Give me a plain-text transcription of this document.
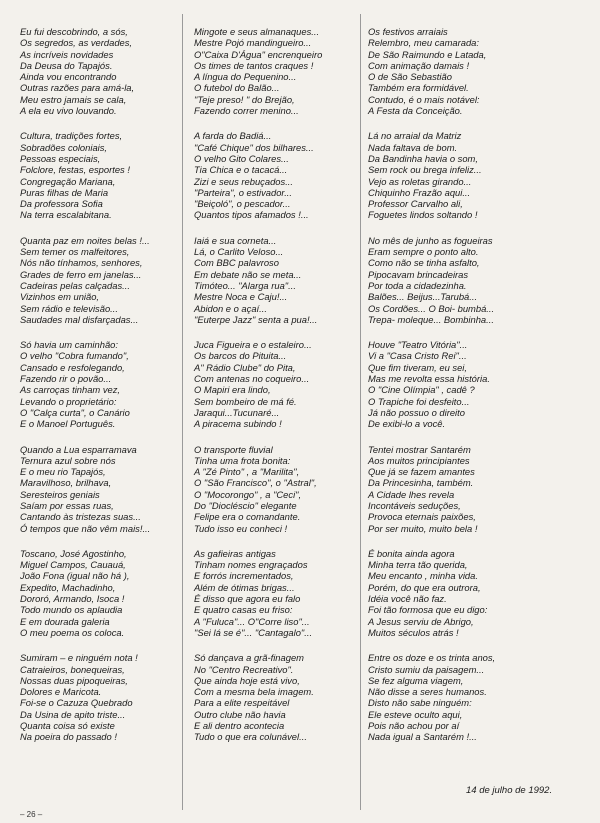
Eu fui descobrindo, a sós,
Os segredos, as verdades,
As incríveis novidades
Da Deusa do Tapajós.
Ainda vou encontrando
Outras razões para amá-la,
Meu estro jamais se cala,
A ela eu vivo louvando.
Cultura, tradições fortes,
Sobradões coloniais,
Pessoas especiais,
Folclore, festas, esportes !
Congregação Mariana,
Puras filhas de Maria
Da professora Sofia
Na terra escalabitana.
Quanta paz em noites belas !...
Sem temer os malfeitores,
Nós não tínhamos, senhores,
Grades de ferro em janelas...
Cadeiras pelas calçadas...
Vizinhos em união,
Sem rádio e televisão...
Saudades mal disfarçadas...
Só havia um caminhão:
O velho "Cobra fumando",
Cansado e resfolegando,
Fazendo rir o povão...
As carroças tinham vez,
Levando o proprietário:
O "Calça curta", o Canário
E o Manoel Português.
Quando a Lua esparramava
Ternura azul sobre nós
E o meu rio Tapajós,
Maravilhoso, brilhava,
Seresteiros geniais
Saíam por essas ruas,
Cantando às tristezas suas...
Ó tempos que não vêm mais!...
Toscano, José Agostinho,
Miguel Campos, Cauauá,
João Fona (igual não há ),
Expedito, Machadinho,
Dororó, Armando, Isoca !
Todo mundo os aplaudia
E em dourada galeria
O meu poema os coloca.
Sumiram – e ninguém nota !
Catraieiros, bonequeiras,
Nossas duas pipoqueiras,
Dolores e Maricota.
Foi-se o Cazuza Quebrado
Da Usina de apito triste...
Quanta coisa só existe
Na poeira do passado !
Mingote e seus almanaques...
Mestre Pojó mandingueiro...
O"Caixa D'Água" encrenqueiro
Os times de tantos craques !
A língua do Pequenino...
O futebol do Balão...
"Teje preso! " do Brejão,
Fazendo correr menino...
A farda do Badiá...
"Café Chique" dos bilhares...
O velho Gito Colares...
Tia Chica e o tacacá...
Zizi e seus rebuçados...
"Parteira", o estivador...
"Beiçoló", o pescador...
Quantos tipos afamados !...
Iaiá e sua corneta...
Lá, o Carlito Veloso...
Com BBC palavroso
Em debate não se meta...
Timóteo... "Alarga rua"...
Mestre Noca e Caju!...
Abidon e o açaí...
"Euterpe Jazz" senta a pua!...
Juca Figueira e o estaleiro...
Os barcos do Pituita...
A" Rádio Clube" do Pita,
Com antenas no coqueiro...
O Mapiri era lindo,
Sem bombeiro de má fé.
Jaraqui...Tucunaré...
A piracema subindo !
O transporte fluvial
Tinha uma frota bonita:
A "Zé Pinto" , a "Marilita",
O "São Francisco", o "Astral",
O "Mocorongo" , a "Ceci",
Do "Diocléscio" elegante
Felipe era o comandante.
Tudo isso eu conheci !
As gafieiras antigas
Tinham nomes engraçados
E forrós incrementados,
Além de ótimas brigas...
É disso que agora eu falo
E quatro casas eu friso:
A "Fuluca"... O"Corre liso"...
"Sei lá se é"... "Cantagalo"...
Só dançava a grã-finagem
No "Centro Recreativo".
Que ainda hoje está vivo,
Com a mesma bela imagem.
Para a elite respeitável
Outro clube não havia
E ali dentro acontecia
Tudo o que era colunável...
Os festivos arraiais
Relembro, meu camarada:
De São Raimundo e Latada,
Com animação damais !
O de São Sebastião
Também era formidável.
Contudo, é o mais notável:
A Festa da Conceição.
Lá no arraial da Matriz
Nada faltava de bom.
Da Bandinha havia o som,
Sem rock ou brega infeliz...
Vejo as roletas girando...
Chiquinho Frazão aqui...
Professor Carvalho ali,
Foguetes lindos soltando !
No mês de junho as fogueiras
Eram sempre o ponto alto.
Como não se tinha asfalto,
Pipocavam brincadeiras
Por toda a cidadezinha.
Balões... Beijus...Tarubá...
Os Cordões... O Boi- bumbá...
Trepa- moleque... Bombinha...
Houve "Teatro Vitória"...
Vi a "Casa Cristo Rei"...
Que fim tiveram, eu sei,
Mas me revolta essa história.
O "Cine Olímpia" , cadê ?
O Trapiche foi desfeito...
Já não possuo o direito
De exibi-lo a você.
Tentei mostrar Santarém
Aos muitos principiantes
Que já se fazem amantes
Da Princesinha, também.
A Cidade lhes revela
Incontáveis seduções,
Provoca eternais paixões,
Por ser muito, muito bela !
É bonita ainda agora
Minha terra tão querida,
Meu encanto , minha vida.
Porém, do que era outrora,
Idéia você não faz.
Foi tão formosa que eu digo:
A Jesus serviu de Abrigo,
Muitos séculos atrás !
Entre os doze e os trinta anos,
Cristo sumiu da paisagem...
Se fez alguma viagem,
Não disse a seres humanos.
Disto não sabe ninguém:
Ele esteve oculto aqui,
Pois não achou por aí
Nada igual a Santarém !...
14 de julho de 1992.
– 26 –
